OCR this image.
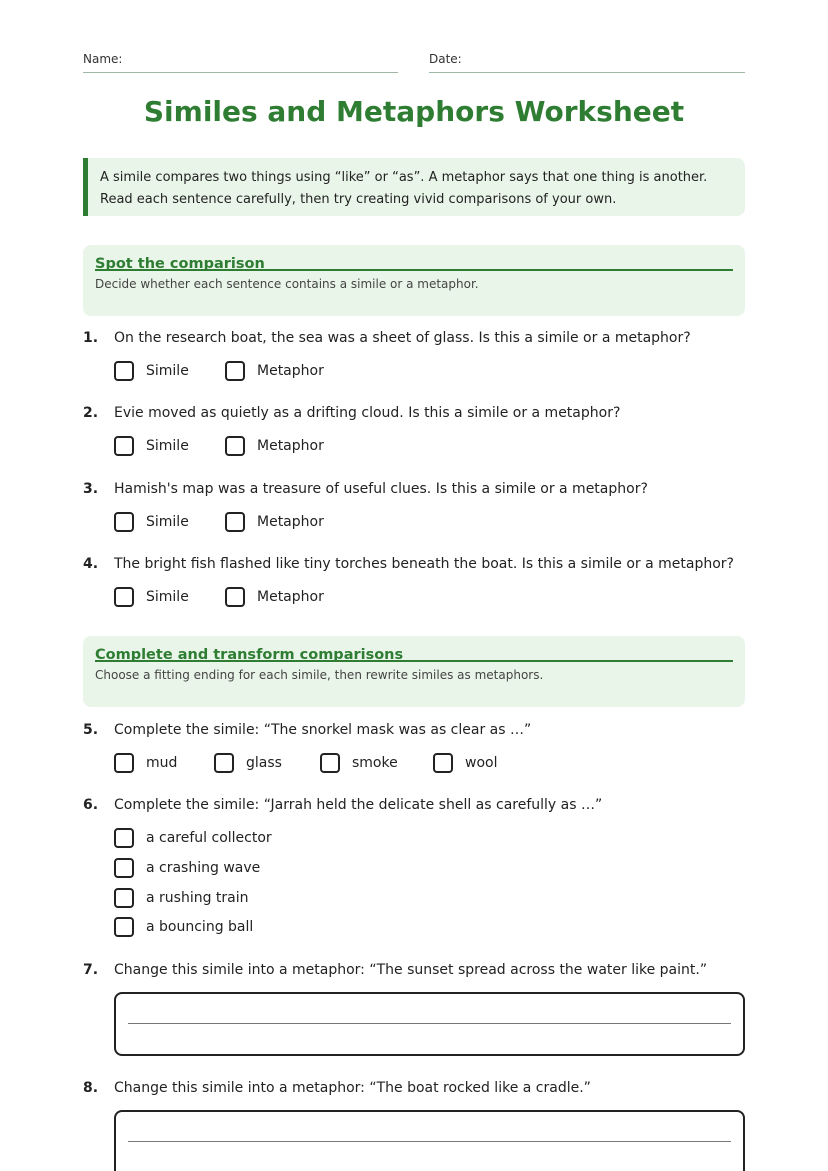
Name:	Date:
Similes and Metaphors Worksheet
A simile compares two things using “like” or “as”. A metaphor says that one thing is another. Read each sentence carefully, then try creating vivid comparisons of your own.
Spot the comparison
Decide whether each sentence contains a simile or a metaphor.
1. On the research boat, the sea was a sheet of glass. Is this a simile or a metaphor?
Simile	Metaphor
2. Evie moved as quietly as a drifting cloud. Is this a simile or a metaphor?
Simile	Metaphor
3. Hamish's map was a treasure of useful clues. Is this a simile or a metaphor?
Simile	Metaphor
4. The bright fish flashed like tiny torches beneath the boat. Is this a simile or a metaphor?
Simile	Metaphor
Complete and transform comparisons
Choose a fitting ending for each simile, then rewrite similes as metaphors.
5. Complete the simile: “The snorkel mask was as clear as …”
mud	glass	smoke	wool
6. Complete the simile: “Jarrah held the delicate shell as carefully as …”
a careful collector
a crashing wave
a rushing train
a bouncing ball
7. Change this simile into a metaphor: “The sunset spread across the water like paint.”
8. Change this simile into a metaphor: “The boat rocked like a cradle.”
